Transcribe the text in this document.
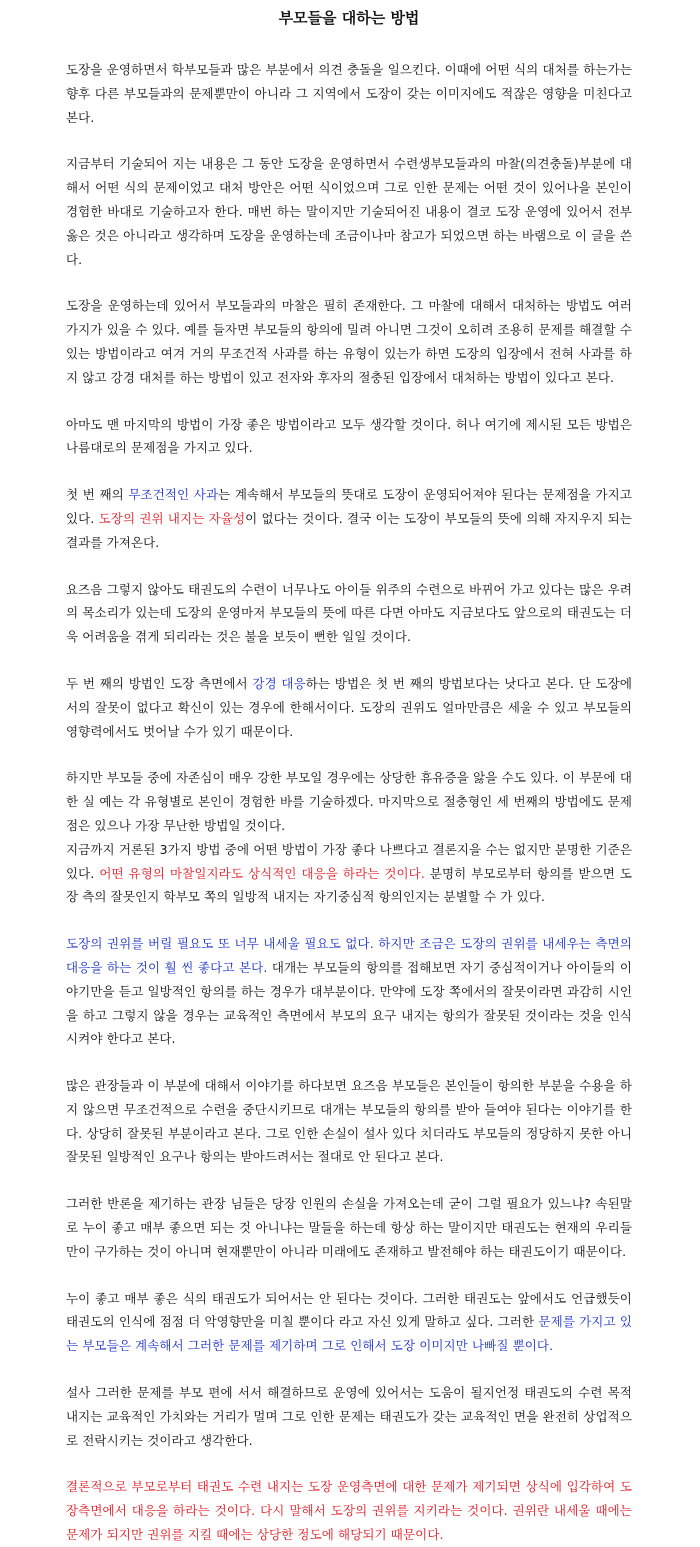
부모들을 대하는 방법

도장을 운영하면서 학부모들과 많은 부분에서 의견 충돌을 일으킨다. 이때에 어떤 식의 대처를 하는가는 향후 다른 부모들과의 문제뿐만이 아니라 그 지역에서 도장이 갖는 이미지에도 적잖은 영향을 미친다고 본다.

지금부터 기술되어 지는 내용은 그 동안 도장을 운영하면서 수련생부모들과의 마찰(의견충돌)부분에 대해서 어떤 식의 문제이었고 대처 방안은 어떤 식이었으며 그로 인한 문제는 어떤 것이 있어나을 본인이 경험한 바대로 기술하고자 한다. 매번 하는 말이지만 기술되어진 내용이 결코 도장 운영에 있어서 전부 옳은 것은 아니라고 생각하며 도장을 운영하는데 조금이나마 참고가 되었으면 하는 바램으로 이 글을 쓴다.

도장을 운영하는데 있어서 부모들과의 마찰은 필히 존재한다. 그 마찰에 대해서 대처하는 방법도 여러 가지가 있을 수 있다. 예를 들자면 부모들의 항의에 밀려 아니면 그것이 오히려 조용히 문제를 해결할 수 있는 방법이라고 여겨 거의 무조건적 사과를 하는 유형이 있는가 하면 도장의 입장에서 전혀 사과를 하지 않고 강경 대처를 하는 방법이 있고 전자와 후자의 절충된 입장에서 대처하는 방법이 있다고 본다.

아마도 맨 마지막의 방법이 가장 좋은 방법이라고 모두 생각할 것이다. 허나 여기에 제시된 모든 방법은 나름대로의 문제점을 가지고 있다.

첫 번 째의 무조건적인 사과는 계속해서 부모들의 뜻대로 도장이 운영되어져야 된다는 문제점을 가지고 있다. 도장의 권위 내지는 자율성이 없다는 것이다. 결국 이는 도장이 부모들의 뜻에 의해 자지우지 되는 결과를 가져온다.

요즈음 그렇지 않아도 태권도의 수련이 너무나도 아이들 위주의 수련으로 바뀌어 가고 있다는 많은 우려의 목소리가 있는데 도장의 운영마저 부모들의 뜻에 따른 다면 아마도 지금보다도 앞으로의 태권도는 더욱 어려움을 겪게 되리라는 것은 불을 보듯이 뻔한 일일 것이다.

두 번 째의 방법인 도장 측면에서 강경 대응하는 방법은 첫 번 째의 방법보다는 낫다고 본다. 단 도장에서의 잘못이 없다고 확신이 있는 경우에 한해서이다. 도장의 권위도 얼마만큼은 세울 수 있고 부모들의 영향력에서도 벗어날 수가 있기 때문이다.

하지만 부모들 중에 자존심이 매우 강한 부모일 경우에는 상당한 휴유증을 앓을 수도 있다. 이 부문에 대한 실 예는 각 유형별로 본인이 경험한 바를 기술하겠다. 마지막으로 절충형인 세 번째의 방법에도 문제점은 있으나 가장 무난한 방법일 것이다.

지금까지 거론된 3가지 방법 중에 어떤 방법이 가장 좋다 나쁘다고 결론지을 수는 없지만 분명한 기준은 있다. 어떤 유형의 마찰일지라도 상식적인 대응을 하라는 것이다. 분명히 부모로부터 항의를 받으면 도장 측의 잘못인지 학부모 쪽의 일방적 내지는 자기중심적 항의인지는 분별할 수 가 있다.

도장의 권위를 버릴 필요도 또 너무 내세울 필요도 없다. 하지만 조금은 도장의 권위를 내세우는 측면의 대응을 하는 것이 훨 씬 좋다고 본다. 대개는 부모들의 항의를 접해보면 자기 중심적이거나 아이들의 이야기만을 듣고 일방적인 항의를 하는 경우가 대부분이다. 만약에 도장 쪽에서의 잘못이라면 과감히 시인을 하고 그렇지 않을 경우는 교육적인 측면에서 부모의 요구 내지는 항의가 잘못된 것이라는 것을 인식시켜야 한다고 본다.

많은 관장들과 이 부분에 대해서 이야기를 하다보면 요즈음 부모들은 본인들이 항의한 부분을 수용을 하지 않으면 무조건적으로 수련을 중단시키므로 대개는 부모들의 항의를 받아 들여야 된다는 이야기를 한다. 상당히 잘못된 부분이라고 본다. 그로 인한 손실이 설사 있다 치더라도 부모들의 정당하지 못한 아니 잘못된 일방적인 요구나 항의는 받아드려서는 절대로 안 된다고 본다.

그러한 반론을 제기하는 관장 님들은 당장 인원의 손실을 가져오는데 굳이 그럴 필요가 있느냐? 속된말로 누이 좋고 매부 좋으면 되는 것 아니냐는 말들을 하는데 항상 하는 말이지만 태권도는 현재의 우리들만이 구가하는 것이 아니며 현재뿐만이 아니라 미래에도 존재하고 발전해야 하는 태권도이기 때문이다.

누이 좋고 매부 좋은 식의 태권도가 되어서는 안 된다는 것이다. 그러한 태권도는 앞에서도 언급했듯이 태권도의 인식에 점점 더 악영향만을 미칠 뿐이다 라고 자신 있게 말하고 싶다. 그러한 문제를 가지고 있는 부모들은 계속해서 그러한 문제를 제기하며 그로 인해서 도장 이미지만 나빠질 뿐이다.

설사 그러한 문제를 부모 편에 서서 해결하므로 운영에 있어서는 도움이 될지언정 태권도의 수련 목적 내지는 교육적인 가치와는 거리가 멀며 그로 인한 문제는 태권도가 갖는 교육적인 면을 완전히 상업적으로 전락시키는 것이라고 생각한다.

결론적으로 부모로부터 태권도 수련 내지는 도장 운영측면에 대한 문제가 제기되면 상식에 입각하여 도장측면에서 대응을 하라는 것이다. 다시 말해서 도장의 권위를 지키라는 것이다. 권위란 내세울 때에는 문제가 되지만 권위를 지킬 때에는 상당한 정도에 해당되기 때문이다.
